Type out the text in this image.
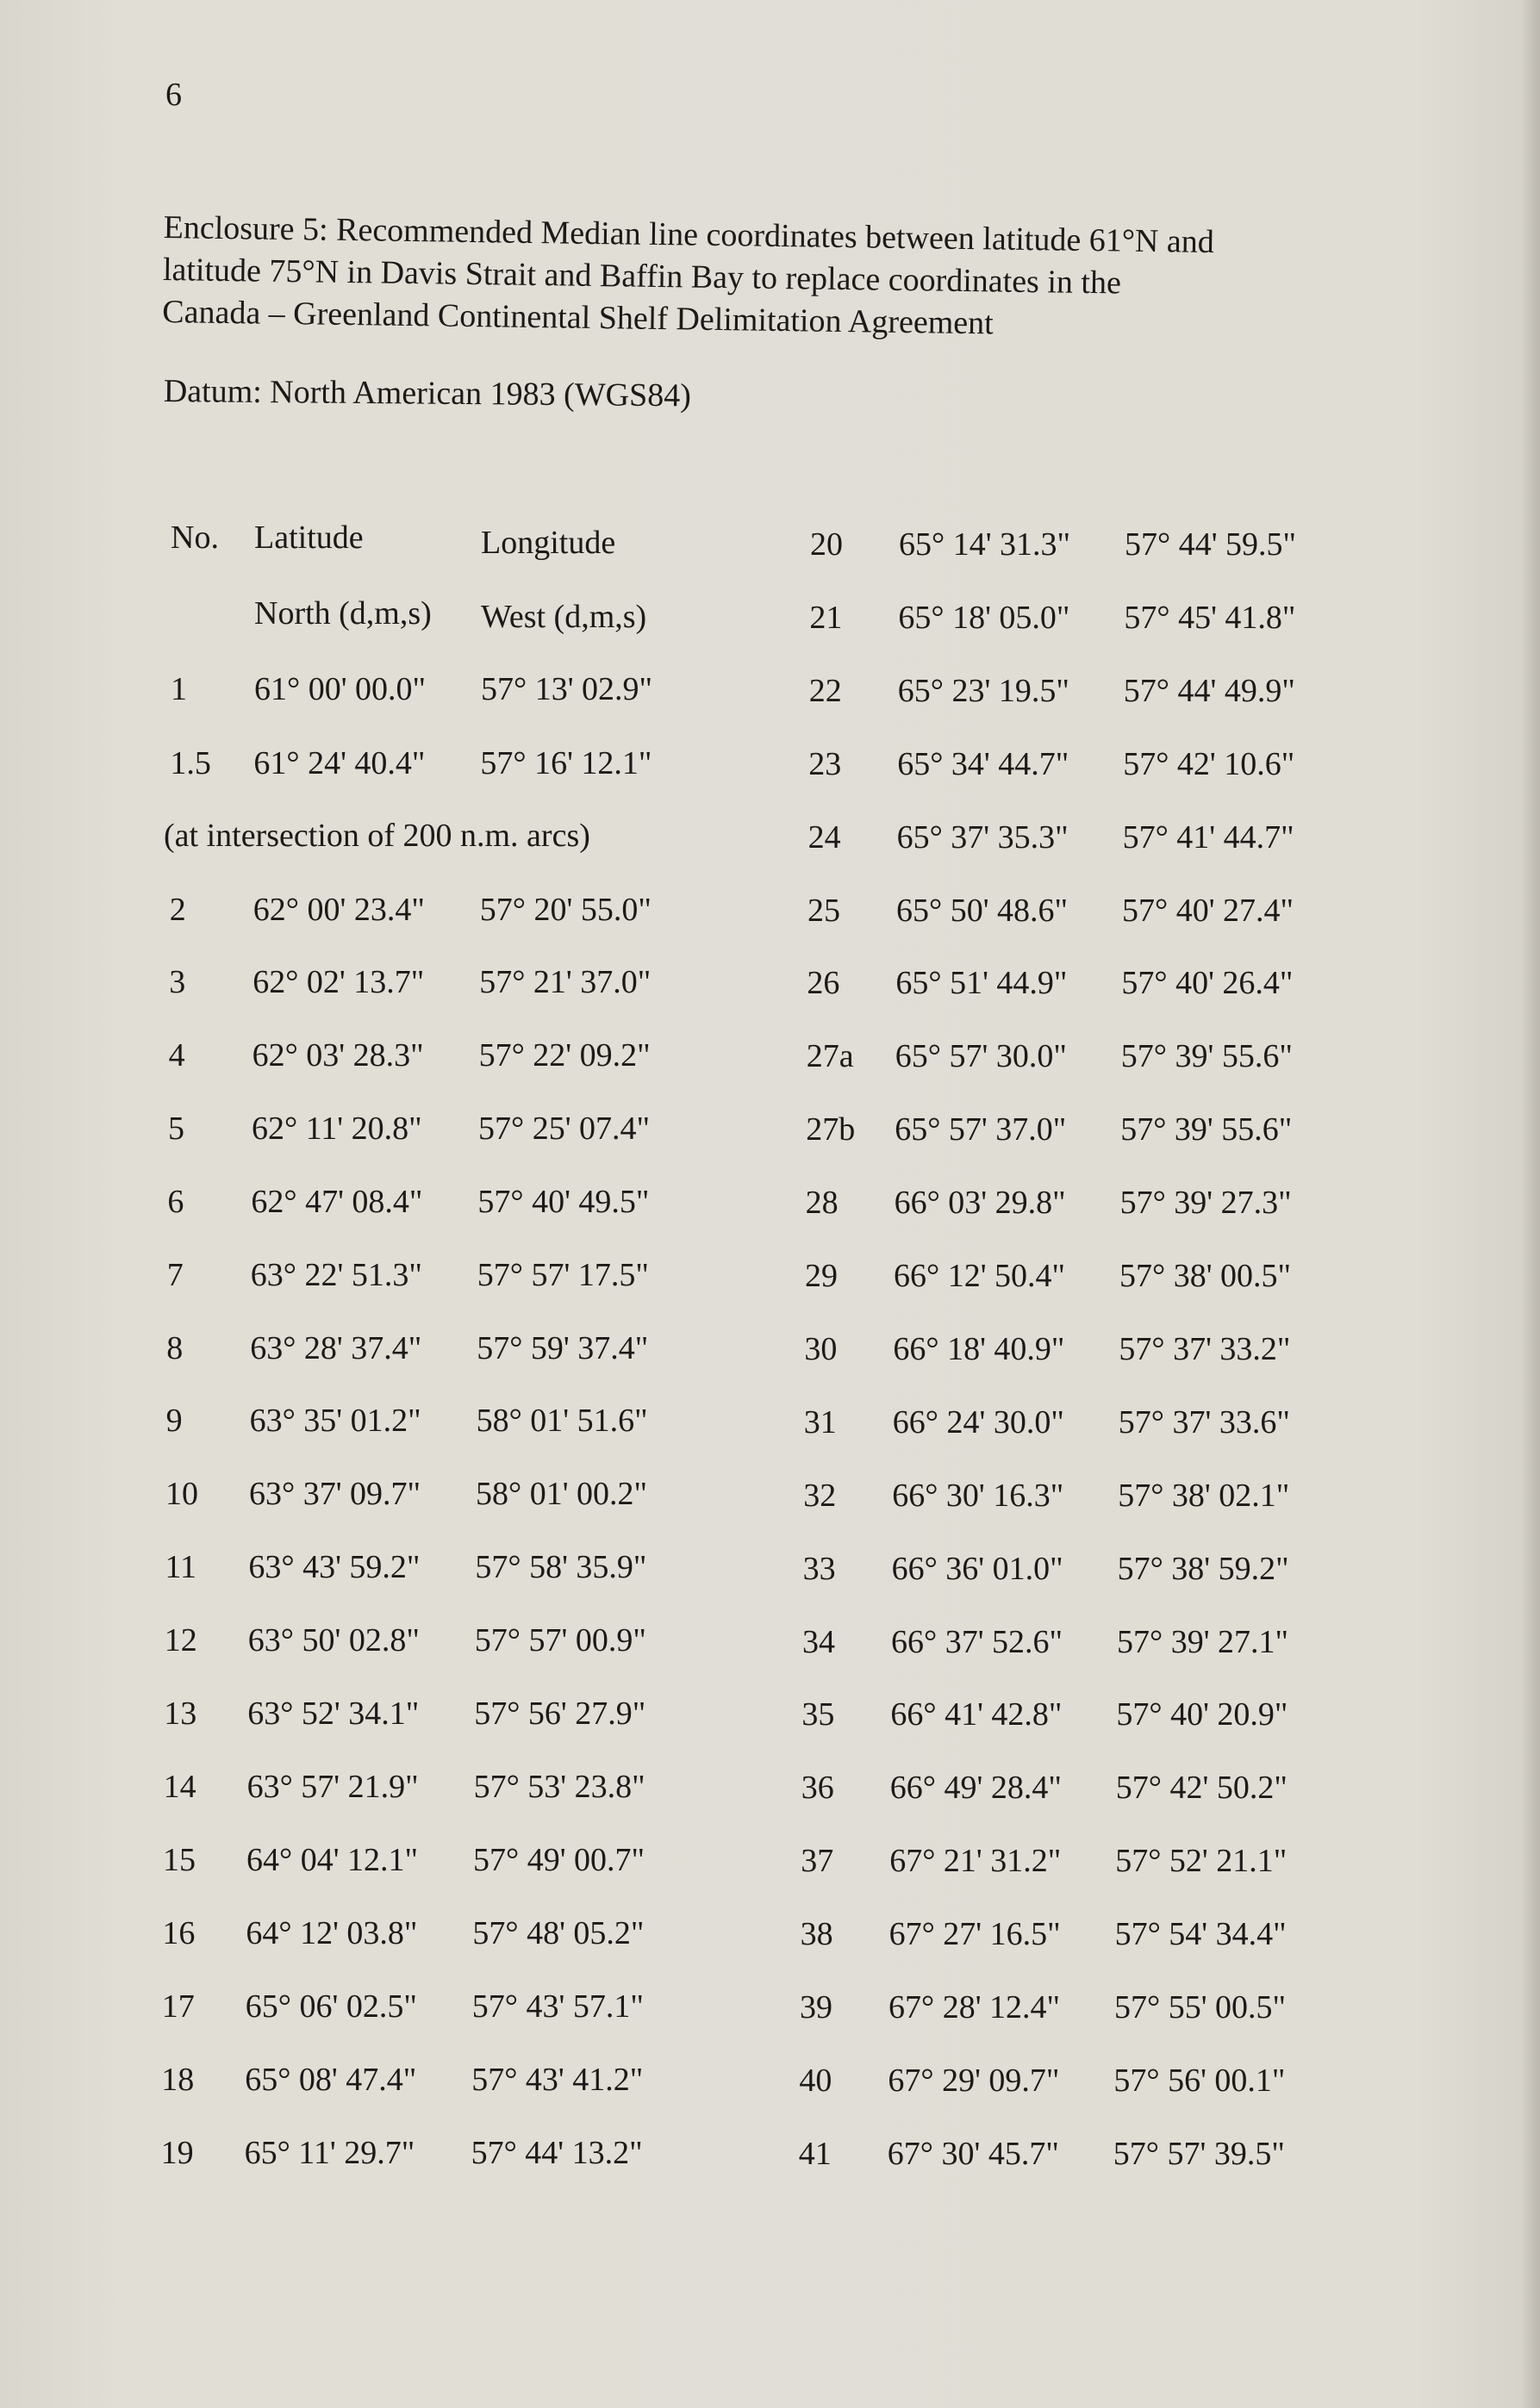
6
Enclosure 5: Recommended Median line coordinates between latitude 61°N and
latitude 75°N in Davis Strait and Baffin Bay to replace coordinates in the
Canada – Greenland Continental Shelf Delimitation Agreement
Datum: North American 1983 (WGS84)
No. Latitude	Longitude
North (d,m,s) West (d,m,s)
(at intersection of 200 n.m. arcs)
1 61° 00' 00.0" 57° 13' 02.9"
1.5 61° 24' 40.4" 57° 16' 12.1"
2 62° 00' 23.4" 57° 20' 55.0"
3 62° 02' 13.7" 57° 21' 37.0"
4 62° 03' 28.3" 57° 22' 09.2"
5 62° 11' 20.8" 57° 25' 07.4"
6 62° 47' 08.4" 57° 40' 49.5"
7 63° 22' 51.3" 57° 57' 17.5"
8 63° 28' 37.4" 57° 59' 37.4"
9 63° 35' 01.2" 58° 01' 51.6"
10 63° 37' 09.7" 58° 01' 00.2"
11 63° 43' 59.2" 57° 58' 35.9"
12 63° 50' 02.8" 57° 57' 00.9"
13 63° 52' 34.1" 57° 56' 27.9"
14 63° 57' 21.9" 57° 53' 23.8"
15 64° 04' 12.1" 57° 49' 00.7"
16 64° 12' 03.8" 57° 48' 05.2"
17 65° 06' 02.5" 57° 43' 57.1"
18 65° 08' 47.4" 57° 43' 41.2"
19 65° 11' 29.7" 57° 44' 13.2"
20 65° 14' 31.3" 57° 44' 59.5"
21 65° 18' 05.0" 57° 45' 41.8"
22 65° 23' 19.5" 57° 44' 49.9"
23 65° 34' 44.7" 57° 42' 10.6"
24 65° 37' 35.3" 57° 41' 44.7"
25 65° 50' 48.6" 57° 40' 27.4"
26 65° 51' 44.9" 57° 40' 26.4"
27a 65° 57' 30.0" 57° 39' 55.6"
27b 65° 57' 37.0" 57° 39' 55.6"
28 66° 03' 29.8" 57° 39' 27.3"
29 66° 12' 50.4" 57° 38' 00.5"
30 66° 18' 40.9" 57° 37' 33.2"
31 66° 24' 30.0" 57° 37' 33.6"
32 66° 30' 16.3" 57° 38' 02.1"
33 66° 36' 01.0" 57° 38' 59.2"
34 66° 37' 52.6" 57° 39' 27.1"
35 66° 41' 42.8" 57° 40' 20.9"
36 66° 49' 28.4" 57° 42' 50.2"
37 67° 21' 31.2" 57° 52' 21.1"
38 67° 27' 16.5" 57° 54' 34.4"
39 67° 28' 12.4" 57° 55' 00.5"
40 67° 29' 09.7" 57° 56' 00.1"
41 67° 30' 45.7" 57° 57' 39.5"
